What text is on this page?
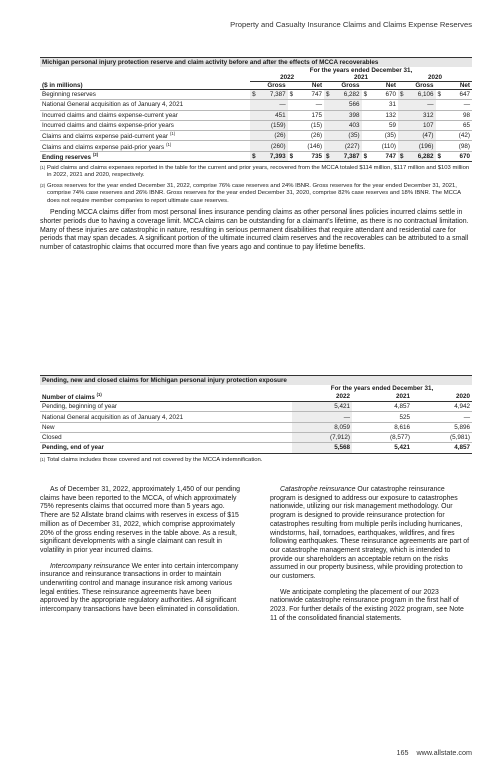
Property and Casualty Insurance Claims and Claims Expense Reserves
Michigan personal injury protection reserve and claim activity before and after the effects of MCCA recoverables
	For the years ended December 31,											
	2022				2021				2020			
($ in millions)	Gross		Net		Gross		Net		Gross		Net	
Beginning reserves	$	7,387	$	747	$	6,282	$	670	$	6,106	$	647
National General acquisition as of January 4, 2021		—		—		566		31		—		—
Incurred claims and claims expense-current year		451		175		398		132		312		98
Incurred claims and claims expense-prior years		(159)		(15)		403		59		107		65
Claims and claims expense paid-current year $^{(1)}$		(26)		(26)		(35)		(35)		(47)		(42)
Claims and claims expense paid-prior years $^{(1)}$		(260)		(146)		(227)		(110)		(196)		(98)
Ending reserves $^{(2)}$	$	7,393	$	735	$	7,387	$	747	$	6,282	$	670
(1) Paid claims and claims expenses reported in the table for the current and prior years, recovered from the MCCA totaled $114 million, $117 million and $103 million in 2022, 2021 and 2020, respectively.
(2) Gross reserves for the year ended December 31, 2022, comprise 76% case reserves and 24% IBNR. Gross reserves for the year ended December 31, 2021, comprise 74% case reserves and 26% IBNR. Gross reserves for the year ended December 31, 2020, comprise 82% case reserves and 18% IBNR. The MCCA does not require member companies to report ultimate case reserves.

Pending MCCA claims differ from most personal lines insurance pending claims as other personal lines policies incurred claims settle in shorter periods due to having a coverage limit. MCCA claims can be outstanding for a claimant’s lifetime, as there is no contractual limitation. Many of these injuries are catastrophic in nature, resulting in serious permanent disabilities that require attendant and residential care for periods that may span decades. A significant portion of the ultimate incurred claim reserves and the recoverables can be attributed to a small number of catastrophic claims that occurred more than five years ago and continue to pay lifetime benefits.

Pending, new and closed claims for Michigan personal injury protection exposure
	For the years ended December 31,		
Number of claims $^{(1)}$	2022	2021	2020
Pending, beginning of year	5,421	4,857	4,942
National General acquisition as of January 4, 2021	—	525	—
New	8,059	8,616	5,896
Closed	(7,912)	(8,577)	(5,981)
Pending, end of year	5,568	5,421	4,857
(1) Total claims includes those covered and not covered by the MCCA indemnification.

As of December 31, 2022, approximately 1,450 of our pending claims have been reported to the MCCA, of which approximately 75% represents claims that occurred more than 5 years ago. There are 52 Allstate brand claims with reserves in excess of $15 million as of December 31, 2022, which comprise approximately 20% of the gross ending reserves in the table above. As a result, significant developments with a single claimant can result in volatility in prior year incurred claims.

Intercompany reinsurance We enter into certain intercompany insurance and reinsurance transactions in order to maintain underwriting control and manage insurance risk among various legal entities. These reinsurance agreements have been approved by the appropriate regulatory authorities. All significant intercompany transactions have been eliminated in consolidation.

Catastrophe reinsurance Our catastrophe reinsurance program is designed to address our exposure to catastrophes nationwide, utilizing our risk management methodology. Our program is designed to provide reinsurance protection for catastrophes resulting from multiple perils including hurricanes, windstorms, hail, tornadoes, earthquakes, wildfires, and fires following earthquakes. These reinsurance agreements are part of our catastrophe management strategy, which is intended to provide our shareholders an acceptable return on the risks assumed in our property business, while providing protection to our customers.

We anticipate completing the placement of our 2023 nationwide catastrophe reinsurance program in the first half of 2023. For further details of the existing 2022 program, see Note 11 of the consolidated financial statements.

165 www.allstate.com
